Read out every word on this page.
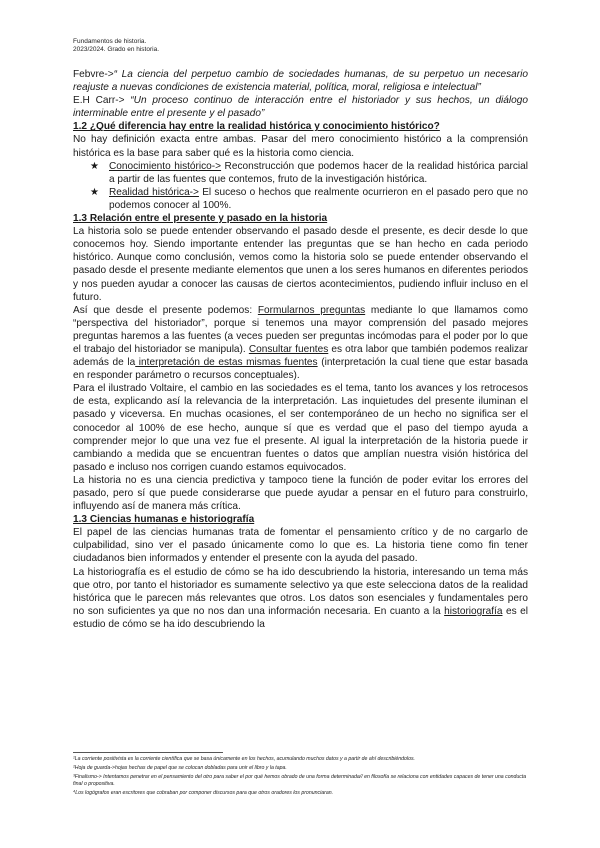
Fundamentos de historia.
2023/2024. Grado en historia.

Febvre->“ La ciencia del perpetuo cambio de sociedades humanas, de su perpetuo un necesario reajuste a nuevas condiciones de existencia material, política, moral, religiosa e intelectual”

E.H Carr-> “Un proceso continuo de interacción entre el historiador y sus hechos, un diálogo interminable entre el presente y el pasado”

1.2 ¿Qué diferencia hay entre la realidad histórica y conocimiento histórico?

No hay definición exacta entre ambas. Pasar del mero conocimiento histórico a la comprensión histórica es la base para saber qué es la historia como ciencia.

★ Conocimiento histórico-> Reconstrucción que podemos hacer de la realidad histórica parcial a partir de las fuentes que contemos, fruto de la investigación histórica.
★ Realidad histórica-> El suceso o hechos que realmente ocurrieron en el pasado pero que no podemos conocer al 100%.

1.3 Relación entre el presente y pasado en la historia

La historia solo se puede entender observando el pasado desde el presente, es decir desde lo que conocemos hoy. Siendo importante entender las preguntas que se han hecho en cada periodo histórico. Aunque como conclusión, vemos como la historia solo se puede entender observando el pasado desde el presente mediante elementos que unen a los seres humanos en diferentes periodos y nos pueden ayudar a conocer las causas de ciertos acontecimientos, pudiendo influir incluso en el futuro.

Así que desde el presente podemos: Formularnos preguntas mediante lo que llamamos como “perspectiva del historiador”, porque si tenemos una mayor comprensión del pasado mejores preguntas haremos a las fuentes (a veces pueden ser preguntas incómodas para el poder por lo que el trabajo del historiador se manipula). Consultar fuentes es otra labor que también podemos realizar además de la interpretación de estas mismas fuentes (interpretación la cual tiene que estar basada en responder parámetro o recursos conceptuales).

Para el ilustrado Voltaire, el cambio en las sociedades es el tema, tanto los avances y los retrocesos de esta, explicando así la relevancia de la interpretación. Las inquietudes del presente iluminan el pasado y viceversa. En muchas ocasiones, el ser contemporáneo de un hecho no significa ser el conocedor al 100% de ese hecho, aunque sí que es verdad que el paso del tiempo ayuda a comprender mejor lo que una vez fue el presente. Al igual la interpretación de la historia puede ir cambiando a medida que se encuentran fuentes o datos que amplían nuestra visión histórica del pasado e incluso nos corrigen cuando estamos equivocados.

La historia no es una ciencia predictiva y tampoco tiene la función de poder evitar los errores del pasado, pero sí que puede considerarse que puede ayudar a pensar en el futuro para construirlo, influyendo así de manera más crítica.

1.3 Ciencias humanas e historiografía

El papel de las ciencias humanas trata de fomentar el pensamiento crítico y de no cargarlo de culpabilidad, sino ver el pasado únicamente como lo que es. La historia tiene como fin tener ciudadanos bien informados y entender el presente con la ayuda del pasado.

La historiografía es el estudio de cómo se ha ido descubriendo la historia, interesando un tema más que otro, por tanto el historiador es sumamente selectivo ya que este selecciona datos de la realidad histórica que le parecen más relevantes que otros. Los datos son esenciales y fundamentales pero no son suficientes ya que no nos dan una información necesaria. En cuanto a la historiografía es el estudio de cómo se ha ido descubriendo la

¹La corriente positivista es la corriente científica que se basa únicamente en los hechos, acumulando muchos datos y a partir de ahí describiéndolos.

²Hoja de guarda->hojas hechas de papel que se colocan dobladas para unir el libro y la tapa.

³Finalismo-> Intentamos penetrar en el pensamiento del otro para saber el por qué hemos obrado de una forma determinada// en filosofía se relaciona con entidades capaces de tener una conducta final o propositiva.

⁴Los logógrafos eran escritores que cobraban por componer discursos para que otros oradores los pronunciaran.
